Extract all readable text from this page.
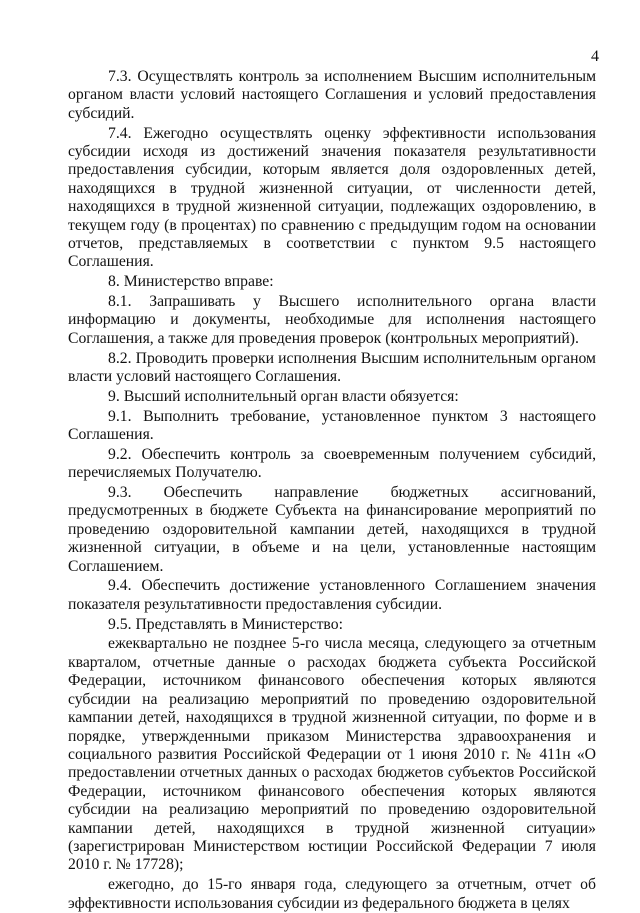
4

7.3. Осуществлять контроль за исполнением Высшим исполнительным органом власти условий настоящего Соглашения и условий предоставления субсидий.

7.4. Ежегодно осуществлять оценку эффективности использования субсидии исходя из достижений значения показателя результативности предоставления субсидии, которым является доля оздоровленных детей, находящихся в трудной жизненной ситуации, от численности детей, находящихся в трудной жизненной ситуации, подлежащих оздоровлению, в текущем году (в процентах) по сравнению с предыдущим годом на основании отчетов, представляемых в соответствии с пунктом 9.5 настоящего Соглашения.

8. Министерство вправе:

8.1. Запрашивать у Высшего исполнительного органа власти информацию и документы, необходимые для исполнения настоящего Соглашения, а также для проведения проверок (контрольных мероприятий).

8.2. Проводить проверки исполнения Высшим исполнительным органом власти условий настоящего Соглашения.

9. Высший исполнительный орган власти обязуется:

9.1. Выполнить требование, установленное пунктом 3 настоящего Соглашения.

9.2. Обеспечить контроль за своевременным получением субсидий, перечисляемых Получателю.

9.3. Обеспечить направление бюджетных ассигнований, предусмотренных в бюджете Субъекта на финансирование мероприятий по проведению оздоровительной кампании детей, находящихся в трудной жизненной ситуации, в объеме и на цели, установленные настоящим Соглашением.

9.4. Обеспечить достижение установленного Соглашением значения показателя результативности предоставления субсидии.

9.5. Представлять в Министерство:

ежеквартально не позднее 5-го числа месяца, следующего за отчетным кварталом, отчетные данные о расходах бюджета субъекта Российской Федерации, источником финансового обеспечения которых являются субсидии на реализацию мероприятий по проведению оздоровительной кампании детей, находящихся в трудной жизненной ситуации, по форме и в порядке, утвержденными приказом Министерства здравоохранения и социального развития Российской Федерации от 1 июня 2010 г. № 411н «О предоставлении отчетных данных о расходах бюджетов субъектов Российской Федерации, источником финансового обеспечения которых являются субсидии на реализацию мероприятий по проведению оздоровительной кампании детей, находящихся в трудной жизненной ситуации» (зарегистрирован Министерством юстиции Российской Федерации 7 июля 2010 г. № 17728);

ежегодно, до 15-го января года, следующего за отчетным, отчет об эффективности использования субсидии из федерального бюджета в целях
